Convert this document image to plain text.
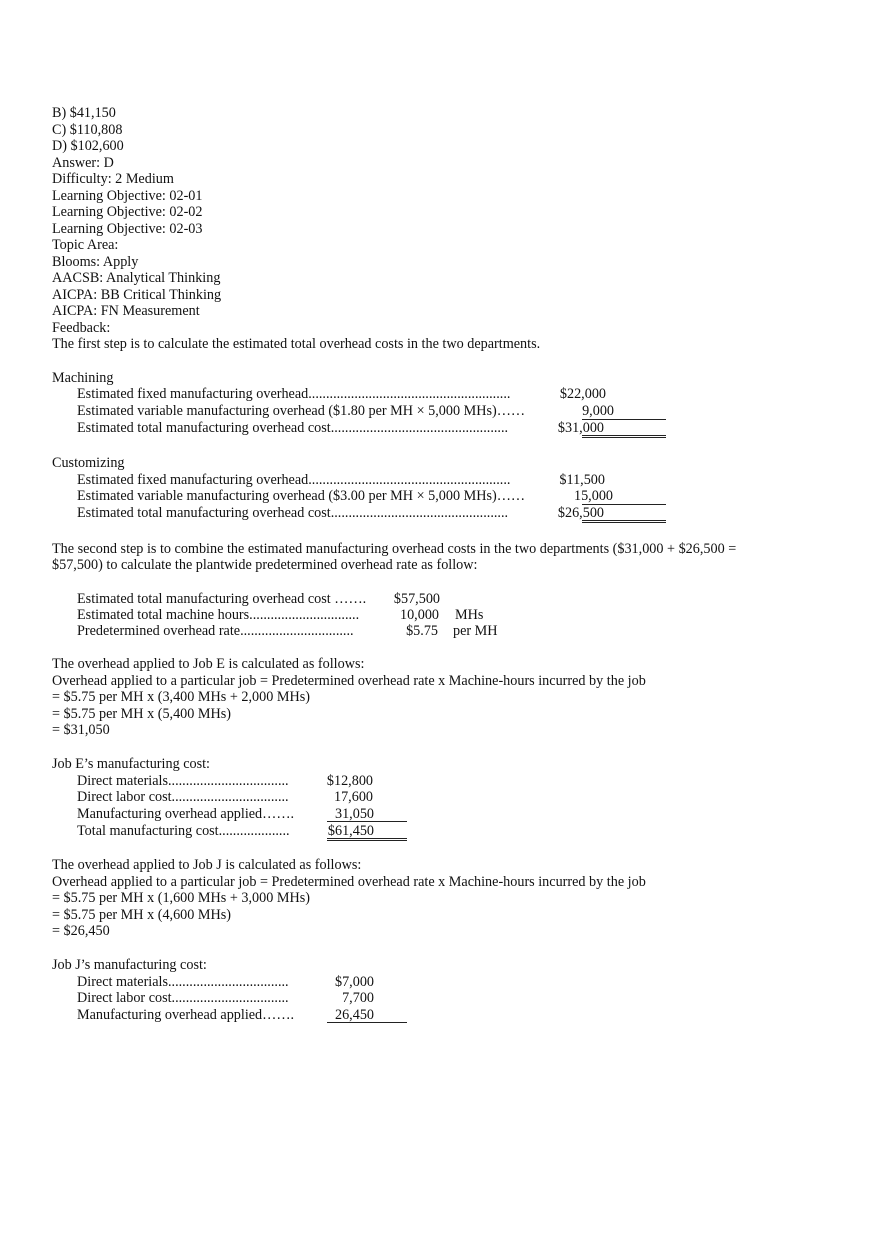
B) $41,150
C) $110,808
D) $102,600
Answer: D
Difficulty: 2 Medium
Learning Objective: 02-01
Learning Objective: 02-02
Learning Objective: 02-03
Topic Area:
Blooms: Apply
AACSB: Analytical Thinking
AICPA: BB Critical Thinking
AICPA: FN Measurement
Feedback:
The first step is to calculate the estimated total overhead costs in the two departments.
Machining
Estimated fixed manufacturing overhead.........................................................	$22,000
Estimated variable manufacturing overhead ($1.80 per MH × 5,000 MHs)……	9,000
Estimated total manufacturing overhead cost..................................................	$31,000
Customizing
Estimated fixed manufacturing overhead.........................................................	$11,500
Estimated variable manufacturing overhead ($3.00 per MH × 5,000 MHs)……	15,000
Estimated total manufacturing overhead cost..................................................	$26,500
The second step is to combine the estimated manufacturing overhead costs in the two departments ($31,000 + $26,500 =
$57,500) to calculate the plantwide predetermined overhead rate as follow:
Estimated total manufacturing overhead cost ……. $57,500
Estimated total machine hours...............................	10,000 MHs
Predetermined overhead rate................................	$5.75 per MH
The overhead applied to Job E is calculated as follows:
Overhead applied to a particular job = Predetermined overhead rate x Machine-hours incurred by the job
= $5.75 per MH x (3,400 MHs + 2,000 MHs)
= $5.75 per MH x (5,400 MHs)
= $31,050
Job E’s manufacturing cost:
Direct materials..................................	$12,800
Direct labor cost.................................	17,600
Manufacturing overhead applied…….	31,050
Total manufacturing cost....................	$61,450
The overhead applied to Job J is calculated as follows:
Overhead applied to a particular job = Predetermined overhead rate x Machine-hours incurred by the job
= $5.75 per MH x (1,600 MHs + 3,000 MHs)
= $5.75 per MH x (4,600 MHs)
= $26,450
Job J’s manufacturing cost:
Direct materials..................................	$7,000
Direct labor cost.................................	7,700
Manufacturing overhead applied…….	26,450
